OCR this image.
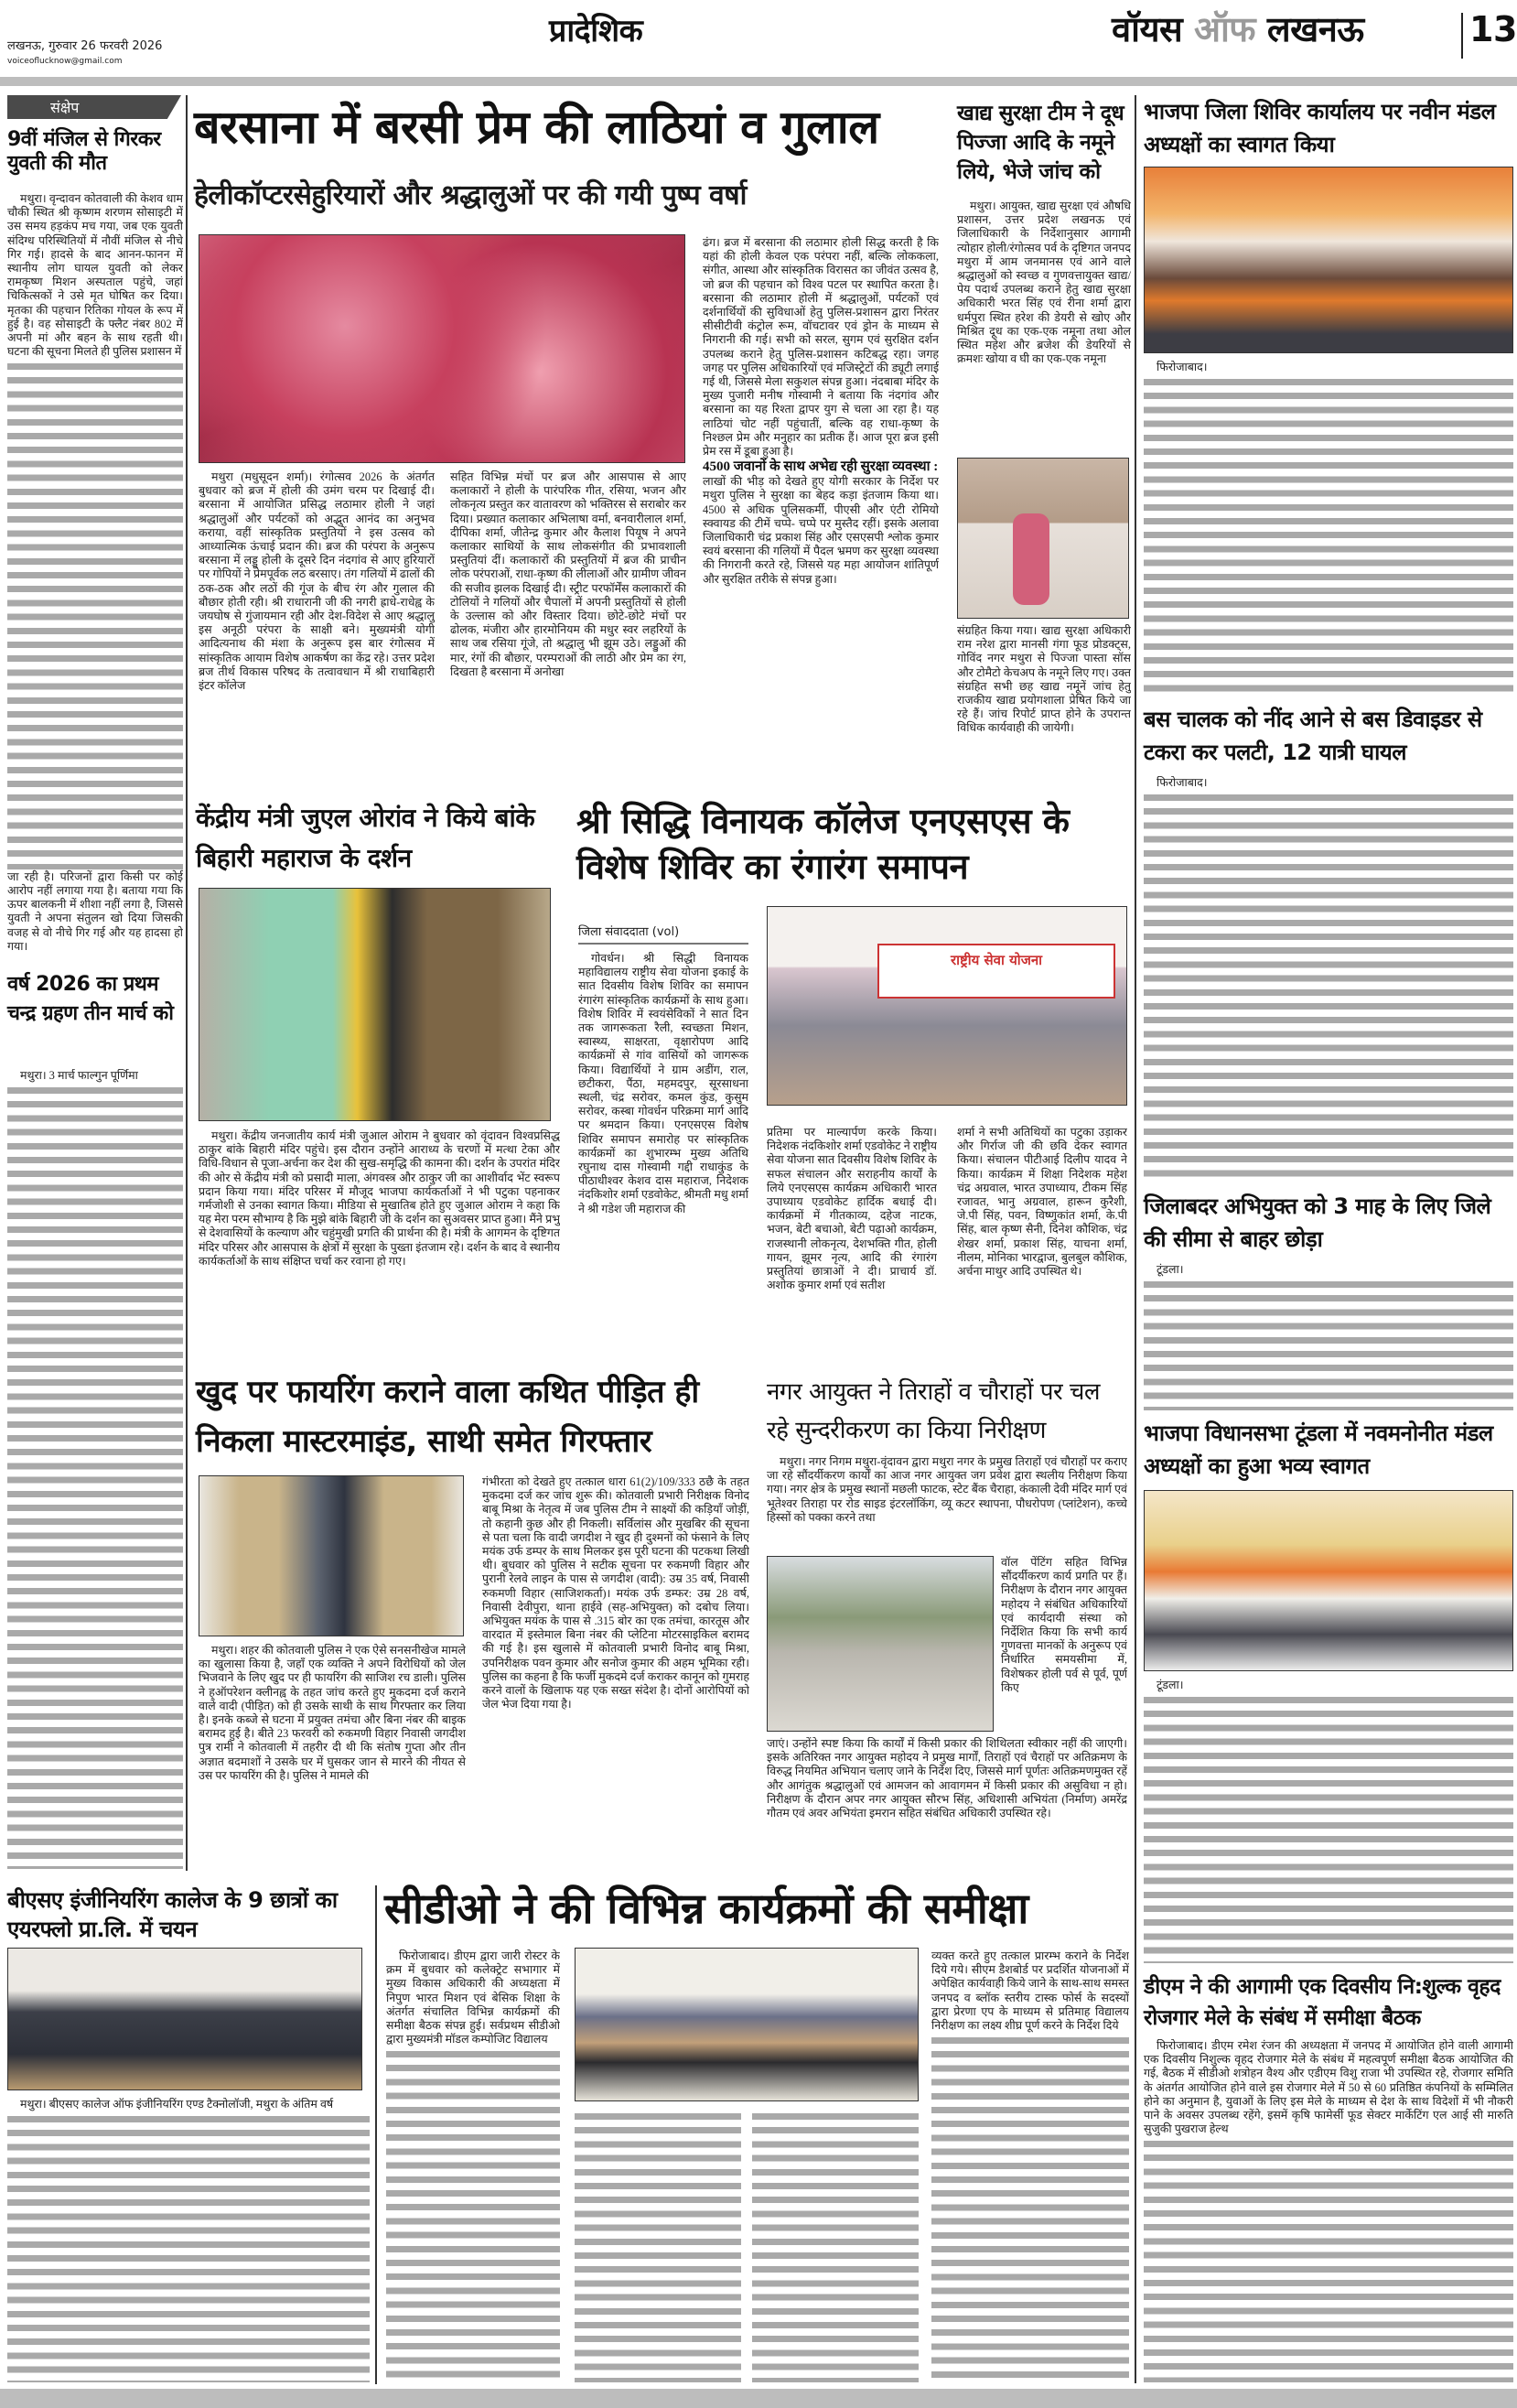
लखनऊ, गुरुवार 26 फरवरी 2026
voiceoflucknow@gmail.com
प्रादेशिक	वॉयस ऑफ लखनऊ	13
संक्षेप
9वीं मंजिल से गिरकर युवती की मौत

मथुरा। वृन्दावन कोतवाली की केशव धाम चौकी स्थित श्री कृष्णम शरणम सोसाइटी में उस समय हड़कंप मच गया, जब एक युवती संदिग्ध परिस्थितियों में नौवीं मंजिल से नीचे गिर गई। हादसे के बाद आनन-फानन में स्थानीय लोग घायल युवती को लेकर रामकृष्ण मिशन अस्पताल पहुंचे, जहां चिकित्सकों ने उसे मृत घोषित कर दिया। मृतका की पहचान रितिका गोयल के रूप में हुई है। वह सोसाइटी के फ्लैट नंबर 802 में अपनी मां और बहन के साथ रहती थी। घटना की सूचना मिलते ही पुलिस प्रशासन में

जा रही है। परिजनों द्वारा किसी पर कोई आरोप नहीं लगाया गया है। बताया गया कि ऊपर बालकनी में शीशा नहीं लगा है, जिससे युवती ने अपना संतुलन खो दिया जिसकी वजह से वो नीचे गिर गई और यह हादसा हो गया।

वर्ष 2026 का प्रथम चन्द्र ग्रहण तीन मार्च को

मथुरा। 3 मार्च फाल्गुन पूर्णिमा

बरसाना में बरसी प्रेम की लाठियां व गुलाल
हेलीकॉप्टरसेहुरियारों और श्रद्धालुओं पर की गयी पुष्प वर्षा

मथुरा (मधुसूदन शर्मा)। रंगोत्सव 2026 के अंतर्गत बुधवार को ब्रज में होली की उमंग चरम पर दिखाई दी। बरसाना में आयोजित प्रसिद्ध लठामार होली ने जहां श्रद्धालुओं और पर्यटकों को अद्भुत आनंद का अनुभव कराया, वहीं सांस्कृतिक प्रस्तुतियों ने इस उत्सव को आध्यात्मिक ऊंचाई प्रदान की। ब्रज की परंपरा के अनुरूप बरसाना में लड्डू होली के दूसरे दिन नंदगांव से आए हुरियारों पर गोपियों ने प्रेमपूर्वक लठ बरसाए। तंग गलियों में ढालों की ठक-ठक और लठों की गूंज के बीच रंग और गुलाल की बौछार होती रही। श्री राधारानी जी की नगरी ह्राधे-राधेह्व के जयघोष से गुंजायमान रही और देश-विदेश से आए श्रद्धालु इस अनूठी परंपरा के साक्षी बने। मुख्यमंत्री योगी आदित्यनाथ की मंशा के अनुरूप इस बार रंगोत्सव में सांस्कृतिक आयाम विशेष आकर्षण का केंद्र रहे। उत्तर प्रदेश ब्रज तीर्थ विकास परिषद के तत्वावधान में श्री राधाबिहारी इंटर कॉलेज

सहित विभिन्न मंचों पर ब्रज और आसपास से आए कलाकारों ने होली के पारंपरिक गीत, रसिया, भजन और लोकनृत्य प्रस्तुत कर वातावरण को भक्तिरस से सराबोर कर दिया। प्रख्यात कलाकार अभिलाषा वर्मा, बनवारीलाल शर्मा, दीपिका शर्मा, जीतेन्द्र कुमार और कैलाश पियूष ने अपने कलाकार साथियों के साथ लोकसंगीत की प्रभावशाली प्रस्तुतियां दीं। कलाकारों की प्रस्तुतियों में ब्रज की प्राचीन लोक परंपराओं, राधा-कृष्ण की लीलाओं और ग्रामीण जीवन की सजीव झलक दिखाई दी। स्ट्रीट परफॉर्मेंस कलाकारों की टोलियों ने गलियों और चैपालों में अपनी प्रस्तुतियों से होली के उल्लास को और विस्तार दिया। छोटे-छोटे मंचों पर ढोलक, मंजीरा और हारमोनियम की मधुर स्वर लहरियों के साथ जब रसिया गूंजे, तो श्रद्धालु भी झूम उठे। लड्डुओं की मार, रंगों की बौछार, परम्पराओं की लाठी और प्रेम का रंग, दिखता है बरसाना में अनोखा

ढंग। ब्रज में बरसाना की लठामार होली सिद्ध करती है कि यहां की होली केवल एक परंपरा नहीं, बल्कि लोककला, संगीत, आस्था और सांस्कृतिक विरासत का जीवंत उत्सव है, जो ब्रज की पहचान को विश्व पटल पर स्थापित करता है। बरसाना की लठामार होली में श्रद्धालुओं, पर्यटकों एवं दर्शनार्थियों की सुविधाओं हेतु पुलिस-प्रशासन द्वारा निरंतर सीसीटीवी कंट्रोल रूम, वॉचटावर एवं ड्रोन के माध्यम से निगरानी की गई। सभी को सरल, सुगम एवं सुरक्षित दर्शन उपलब्ध कराने हेतु पुलिस-प्रशासन कटिबद्ध रहा। जगह जगह पर पुलिस अधिकारियों एवं मजिस्ट्रेटों की ड्यूटी लगाई गई थी, जिससे मेला सकुशल संपन्न हुआ। नंदबाबा मंदिर के मुख्य पुजारी मनीष गोस्वामी ने बताया कि नंदगांव और बरसाना का यह रिश्ता द्वापर युग से चला आ रहा है। यह लाठियां चोट नहीं पहुंचातीं, बल्कि वह राधा-कृष्ण के निश्छल प्रेम और मनुहार का प्रतीक हैं। आज पूरा ब्रज इसी प्रेम रस में डूबा हुआ है।

4500 जवानों के साथ अभेद्य रही सुरक्षा व्यवस्था :

लाखों की भीड़ को देखते हुए योगी सरकार के निर्देश पर मथुरा पुलिस ने सुरक्षा का बेहद कड़ा इंतजाम किया था। 4500 से अधिक पुलिसकर्मी, पीएसी और एंटी रोमियो स्क्वायड की टीमें चप्पे- चप्पे पर मुस्तैद रहीं। इसके अलावा जिलाधिकारी चंद्र प्रकाश सिंह और एसएसपी श्लोक कुमार स्वयं बरसाना की गलियों में पैदल भ्रमण कर सुरक्षा व्यवस्था की निगरानी करते रहे, जिससे यह महा आयोजन शांतिपूर्ण और सुरक्षित तरीके से संपन्न हुआ।

खाद्य सुरक्षा टीम ने दूध पिज्जा आदि के नमूने लिये, भेजे जांच को

मथुरा। आयुक्त, खाद्य सुरक्षा एवं औषधि प्रशासन, उत्तर प्रदेश लखनऊ एवं जिलाधिकारी के निर्देशानुसार आगामी त्योहार होली/रंगोत्सव पर्व के दृष्टिगत जनपद मथुरा में आम जनमानस एवं आने वाले श्रद्धालुओं को स्वच्छ व गुणवत्तायुक्त खाद्य/पेय पदार्थ उपलब्ध कराने हेतु खाद्य सुरक्षा अधिकारी भरत सिंह एवं रीना शर्मा द्वारा धर्मपुरा स्थित हरेश की डेयरी से खोए और मिश्रित दूध का एक-एक नमूना तथा ओल स्थित महेश और ब्रजेश की डेयरियों से क्रमशः खोया व घी का एक-एक नमूना

संग्रहित किया गया। खाद्य सुरक्षा अधिकारी राम नरेश द्वारा मानसी गंगा फूड प्रोडक्ट्स, गोविंद नगर मथुरा से पिज्जा पास्ता सॉस और टोमैटो केचअप के नमूने लिए गए। उक्त संग्रहित सभी छह खाद्य नमूनें जांच हेतु राजकीय खाद्य प्रयोगशाला प्रेषित किये जा रहे हैं। जांच रिपोर्ट प्राप्त होने के उपरान्त विधिक कार्यवाही की जायेगी।

केंद्रीय मंत्री जुएल ओरांव ने किये बांके बिहारी महाराज के दर्शन

मथुरा। केंद्रीय जनजातीय कार्य मंत्री जुआल ओराम ने बुधवार को वृंदावन विश्वप्रसिद्ध ठाकुर बांके बिहारी मंदिर पहुंचे। इस दौरान उन्होंने आराध्य के चरणों में मत्था टेका और विधि-विधान से पूजा-अर्चना कर देश की सुख-समृद्धि की कामना की। दर्शन के उपरांत मंदिर की ओर से केंद्रीय मंत्री को प्रसादी माला, अंगवस्त्र और ठाकुर जी का आशीर्वाद भेंट स्वरूप प्रदान किया गया। मंदिर परिसर में मौजूद भाजपा कार्यकर्ताओं ने भी पटुका पहनाकर गर्मजोशी से उनका स्वागत किया। मीडिया से मुखातिब होते हुए जुआल ओराम ने कहा कि यह मेरा परम सौभाग्य है कि मुझे बांके बिहारी जी के दर्शन का सुअवसर प्राप्त हुआ। मैंने प्रभु से देशवासियों के कल्याण और चहुंमुखी प्रगति की प्रार्थना की है। मंत्री के आगमन के दृष्टिगत मंदिर परिसर और आसपास के क्षेत्रों में सुरक्षा के पुख्ता इंतजाम रहे। दर्शन के बाद वे स्थानीय कार्यकर्ताओं के साथ संक्षिप्त चर्चा कर रवाना हो गए।

श्री सिद्धि विनायक कॉलेज एनएसएस के विशेष शिविर का रंगारंग समापन
जिला संवाददाता (vol)

गोवर्धन। श्री सिद्धी विनायक महाविद्यालय राष्ट्रीय सेवा योजना इकाई के सात दिवसीय विशेष शिविर का समापन रंगारंग सांस्कृतिक कार्यक्रमों के साथ हुआ। विशेष शिविर में स्वयंसेविकों ने सात दिन तक जागरूकता रैली, स्वच्छता मिशन, स्वास्थ्य, साक्षरता, वृक्षारोपण आदि कार्यक्रमों से गांव वासियों को जागरूक किया। विद्यार्थियों ने ग्राम अडींग, राल, छटीकरा, पैंठा, महमदपुर, सूरसाधना स्थली, चंद्र सरोवर, कमल कुंड, कुसुम सरोवर, कस्बा गोवर्धन परिक्रमा मार्ग आदि पर श्रमदान किया। एनएसएस विशेष शिविर समापन समारोह पर सांस्कृतिक कार्यक्रमों का शुभारम्भ मुख्य अतिथि रघुनाथ दास गोस्वामी गद्दी राधाकुंड के पीठाधीश्वर केशव दास महाराज, निदेशक नंदकिशोर शर्मा एडवोकेट, श्रीमती मधु शर्मा ने श्री गडेश जी महाराज की

राष्ट्रीय सेवा योजना

प्रतिमा पर माल्यार्पण करके किया। निदेशक नंदकिशोर शर्मा एडवोकेट ने राष्ट्रीय सेवा योजना सात दिवसीय विशेष शिविर के सफल संचालन और सराहनीय कार्यों के लिये एनएसएस कार्यक्रम अधिकारी भारत उपाध्याय एडवोकेट हार्दिक बधाई दी। कार्यक्रमों में गीतकाव्य, दहेज नाटक, भजन, बेटी बचाओ, बेटी पढ़ाओ कार्यक्रम, राजस्थानी लोकनृत्य, देशभक्ति गीत, होली गायन, झूमर नृत्य, आदि की रंगारंग प्रस्तुतियां छात्राओं ने दी। प्राचार्य डॉ. अशोक कुमार शर्मा एवं सतीश

शर्मा ने सभी अतिथियों का पटुका उड़ाकर और गिर्राज जी की छवि देकर स्वागत किया। संचालन पीटीआई दिलीप यादव ने किया। कार्यक्रम में शिक्षा निदेशक महेश चंद्र अग्रवाल, भारत उपाध्याय, टीकम सिंह रजावत, भानु अग्रवाल, हारून कुरैशी, जे.पी सिंह, पवन, विष्णुकांत शर्मा, के.पी सिंह, बाल कृष्ण सैनी, दिनेश कौशिक, चंद्र शेखर शर्मा, प्रकाश सिंह, याचना शर्मा, नीलम, मोनिका भारद्वाज, बुलबुल कौशिक, अर्चना माथुर आदि उपस्थित थे।

खुद पर फायरिंग कराने वाला कथित पीड़ित ही निकला मास्टरमाइंड, साथी समेत गिरफ्तार

मथुरा। शहर की कोतवाली पुलिस ने एक ऐसे सनसनीखेज मामले का खुलासा किया है, जहाँ एक व्यक्ति ने अपने विरोधियों को जेल भिजवाने के लिए खुद पर ही फायरिंग की साजिश रच डाली। पुलिस ने ह्ऑपरेशन क्लीनह्व के तहत जांच करते हुए मुकदमा दर्ज कराने वाले वादी (पीड़ित) को ही उसके साथी के साथ गिरफ्तार कर लिया है। इनके कब्जे से घटना में प्रयुक्त तमंचा और बिना नंबर की बाइक बरामद हुई है। बीते 23 फरवरी को रुकमणी विहार निवासी जगदीश पुत्र रामी ने कोतवाली में तहरीर दी थी कि संतोष गुप्ता और तीन अज्ञात बदमाशों ने उसके घर में घुसकर जान से मारने की नीयत से उस पर फायरिंग की है। पुलिस ने मामले की

गंभीरता को देखते हुए तत्काल धारा 61(2)/109/333 ठछै के तहत मुकदमा दर्ज कर जांच शुरू की। कोतवाली प्रभारी निरीक्षक विनोद बाबू मिश्रा के नेतृत्व में जब पुलिस टीम ने साक्ष्यों की कड़ियाँ जोड़ीं, तो कहानी कुछ और ही निकली। सर्विलांस और मुखबिर की सूचना से पता चला कि वादी जगदीश ने खुद ही दुश्मनों को फंसाने के लिए मयंक उर्फ डम्पर के साथ मिलकर इस पूरी घटना की पटकथा लिखी थी। बुधवार को पुलिस ने सटीक सूचना पर रुकमणी विहार और पुरानी रेलवे लाइन के पास से जगदीश (वादी): उम्र 35 वर्ष, निवासी रुकमणी विहार (साजिशकर्ता)। मयंक उर्फ डम्फर: उम्र 28 वर्ष, निवासी देवीपुरा, थाना हाईवे (सह-अभियुक्त) को दबोच लिया। अभियुक्त मयंक के पास से .315 बोर का एक तमंचा, कारतूस और वारदात में इस्तेमाल बिना नंबर की प्लेटिना मोटरसाइकिल बरामद की गई है। इस खुलासे में कोतवाली प्रभारी विनोद बाबू मिश्रा, उपनिरीक्षक पवन कुमार और सनोज कुमार की अहम भूमिका रही। पुलिस का कहना है कि फर्जी मुकदमे दर्ज कराकर कानून को गुमराह करने वालों के खिलाफ यह एक सख्त संदेश है। दोनों आरोपियों को जेल भेज दिया गया है।

नगर आयुक्त ने तिराहों व चौराहों पर चल रहे सुन्दरीकरण का किया निरीक्षण

मथुरा। नगर निगम मथुरा-वृंदावन द्वारा मथुरा नगर के प्रमुख तिराहों एवं चौराहों पर कराए जा रहे सौंदर्यीकरण कार्यों का आज नगर आयुक्त जग प्रवेश द्वारा स्थलीय निरीक्षण किया गया। नगर क्षेत्र के प्रमुख स्थानों मछली फाटक, स्टेट बैंक चैराहा, कंकाली देवी मंदिर मार्ग एवं भूतेश्वर तिराहा पर रोड साइड इंटरलॉकिंग, व्यू कटर स्थापना, पौधरोपण (प्लांटेशन), कच्चे हिस्सों को पक्का करने तथा

वॉल पेंटिंग सहित विभिन्न सौंदर्यीकरण कार्य प्रगति पर हैं। निरीक्षण के दौरान नगर आयुक्त महोदय ने संबंधित अधिकारियों एवं कार्यदायी संस्था को निर्देशित किया कि सभी कार्य गुणवत्ता मानकों के अनुरूप एवं निर्धारित समयसीमा में, विशेषकर होली पर्व से पूर्व, पूर्ण किए

जाएं। उन्होंने स्पष्ट किया कि कार्यों में किसी प्रकार की शिथिलता स्वीकार नहीं की जाएगी। इसके अतिरिक्त नगर आयुक्त महोदय ने प्रमुख मार्गों, तिराहों एवं चैराहों पर अतिक्रमण के विरुद्ध नियमित अभियान चलाए जाने के निर्देश दिए, जिससे मार्ग पूर्णतः अतिक्रमणमुक्त रहें और आगंतुक श्रद्धालुओं एवं आमजन को आवागमन में किसी प्रकार की असुविधा न हो। निरीक्षण के दौरान अपर नगर आयुक्त सौरभ सिंह, अधिशासी अभियंता (निर्माण) अमरेंद्र गौतम एवं अवर अभियंता इमरान सहित संबंधित अधिकारी उपस्थित रहे।

बीएसए इंजीनियरिंग कालेज के 9 छात्रों का एयरफ्लो प्रा.लि. में चयन

मथुरा। बीएसए कालेज ऑफ इंजीनियरिंग एण्ड टैक्नोलॉजी, मथुरा के अंतिम वर्ष

सीडीओ ने की विभिन्न कार्यक्रमों की समीक्षा

फिरोजाबाद। डीएम द्वारा जारी रोस्टर के क्रम में बुधवार को कलेक्ट्रेट सभागार में मुख्य विकास अधिकारी की अध्यक्षता में निपुण भारत मिशन एवं बेसिक शिक्षा के अंतर्गत संचालित विभिन्न कार्यक्रमों की समीक्षा बैठक संपन्न हुई। सर्वप्रथम सीडीओ द्वारा मुख्यमंत्री मॉडल कम्पोजिट विद्यालय

व्यक्त करते हुए तत्काल प्रारम्भ कराने के निर्देश दिये गये। सीएम डैशबोर्ड पर प्रदर्शित योजनाओं में अपेक्षित कार्यवाही किये जाने के साथ-साथ समस्त जनपद व ब्लॉक स्तरीय टास्क फोर्स के सदस्यों द्वारा प्रेरणा एप के माध्यम से प्रतिमाह विद्यालय निरीक्षण का लक्ष्य शीघ्र पूर्ण करने के निर्देश दिये

भाजपा जिला शिविर कार्यालय पर नवीन मंडल अध्यक्षों का स्वागत किया

फिरोजाबाद।

बस चालक को नींद आने से बस डिवाइडर से टकरा कर पलटी, 12 यात्री घायल

फिरोजाबाद।

जिलाबदर अभियुक्त को 3 माह के लिए जिले की सीमा से बाहर छोड़ा

टूंडला।

भाजपा विधानसभा टूंडला में नवमनोनीत मंडल अध्यक्षों का हुआ भव्य स्वागत

टूंडला।

डीएम ने की आगामी एक दिवसीय नि:शुल्क वृहद रोजगार मेले के संबंध में समीक्षा बैठक

फिरोजाबाद। डीएम रमेश रंजन की अध्यक्षता में जनपद में आयोजित होने वाली आगामी एक दिवसीय निशुल्क वृहद रोजगार मेले के संबंध में महत्वपूर्ण समीक्षा बैठक आयोजित की गई, बैठक में सीडीओ शत्रोहन वैश्य और एडीएम विशु राजा भी उपस्थित रहे, रोजगार समिति के अंतर्गत आयोजित होने वाले इस रोजगार मेले में 50 से 60 प्रतिष्ठित कंपनियों के सम्मिलित होने का अनुमान है, युवाओं के लिए इस मेले के माध्यम से देश के साथ विदेशों में भी नौकरी पाने के अवसर उपलब्ध रहेंगे, इसमें कृषि फामेर्सी फूड सेक्टर मार्केटिंग एल आई सी मारुति सुजुकी पुखराज हेल्थ
